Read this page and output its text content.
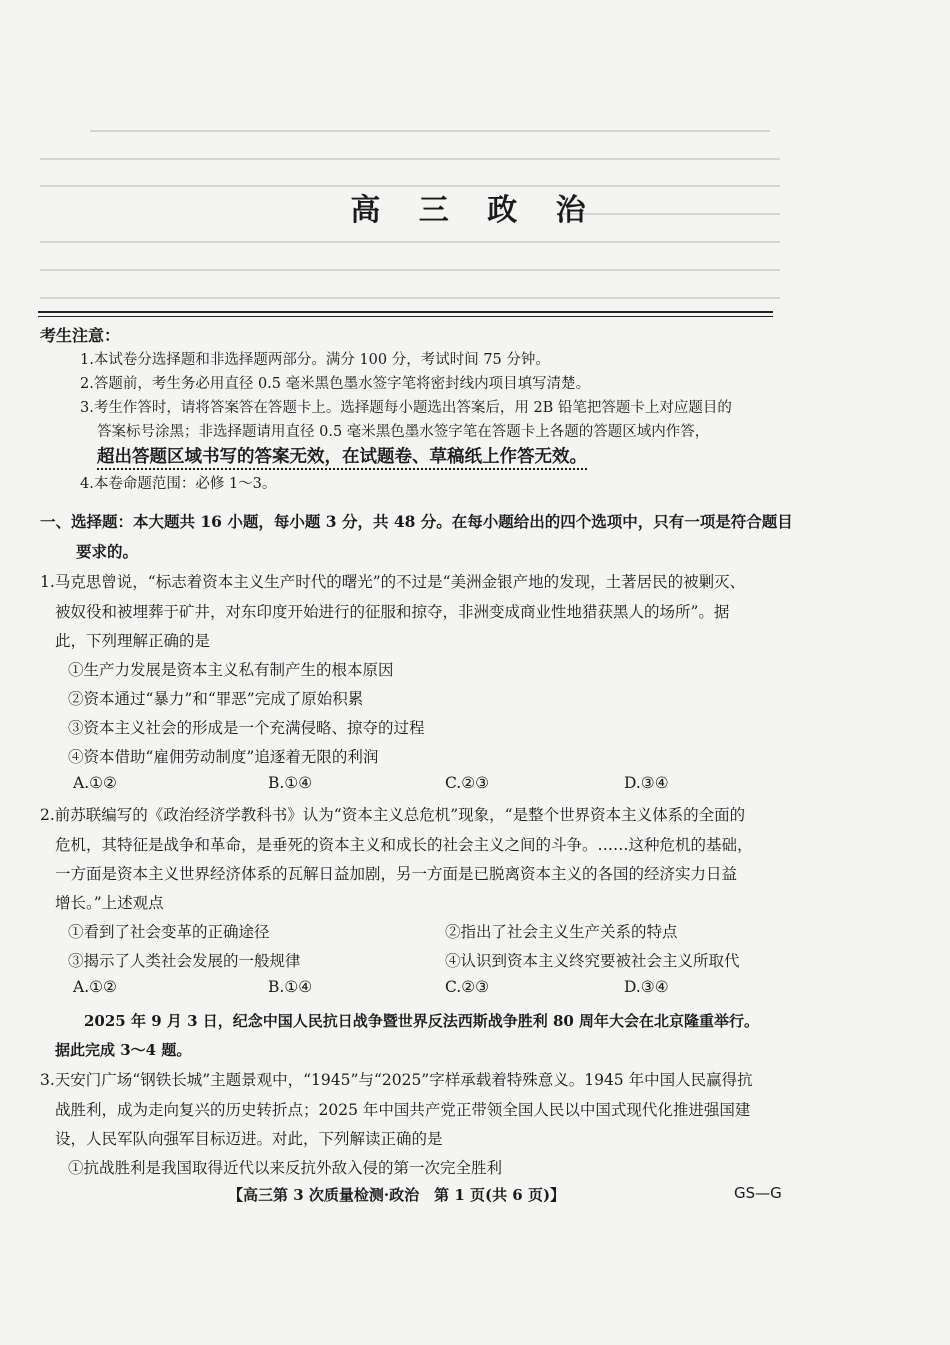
高 三 政 治
考生注意：
1.本试卷分选择题和非选择题两部分。满分 100 分，考试时间 75 分钟。
2.答题前，考生务必用直径 0.5 毫米黑色墨水签字笔将密封线内项目填写清楚。
3.考生作答时，请将答案答在答题卡上。选择题每小题选出答案后，用 2B 铅笔把答题卡上对应题目的
答案标号涂黑；非选择题请用直径 0.5 毫米黑色墨水签字笔在答题卡上各题的答题区域内作答，
超出答题区域书写的答案无效，在试题卷、草稿纸上作答无效。
4.本卷命题范围：必修 1～3。
一、选择题：本大题共 16 小题，每小题 3 分，共 48 分。在每小题给出的四个选项中，只有一项是符合题目
要求的。
1.马克思曾说，“标志着资本主义生产时代的曙光”的不过是“美洲金银产地的发现，土著居民的被剿灭、
被奴役和被埋葬于矿井，对东印度开始进行的征服和掠夺，非洲变成商业性地猎获黑人的场所”。据
此，下列理解正确的是
①生产力发展是资本主义私有制产生的根本原因
②资本通过“暴力”和“罪恶”完成了原始积累
③资本主义社会的形成是一个充满侵略、掠夺的过程
④资本借助“雇佣劳动制度”追逐着无限的利润
A.①②	B.①④	C.②③	D.③④
2.前苏联编写的《政治经济学教科书》认为“资本主义总危机”现象，“是整个世界资本主义体系的全面的
危机，其特征是战争和革命，是垂死的资本主义和成长的社会主义之间的斗争。……这种危机的基础，
一方面是资本主义世界经济体系的瓦解日益加剧，另一方面是已脱离资本主义的各国的经济实力日益
增长。”上述观点
①看到了社会变革的正确途径	②指出了社会主义生产关系的特点
③揭示了人类社会发展的一般规律	④认识到资本主义终究要被社会主义所取代
A.①②	B.①④	C.②③	D.③④
2025 年 9 月 3 日，纪念中国人民抗日战争暨世界反法西斯战争胜利 80 周年大会在北京隆重举行。
据此完成 3～4 题。
3.天安门广场“钢铁长城”主题景观中，“1945”与“2025”字样承载着特殊意义。1945 年中国人民赢得抗
战胜利，成为走向复兴的历史转折点；2025 年中国共产党正带领全国人民以中国式现代化推进强国建
设，人民军队向强军目标迈进。对此，下列解读正确的是
①抗战胜利是我国取得近代以来反抗外敌入侵的第一次完全胜利
【高三第 3 次质量检测·政治　第 1 页(共 6 页)】	GS—G
